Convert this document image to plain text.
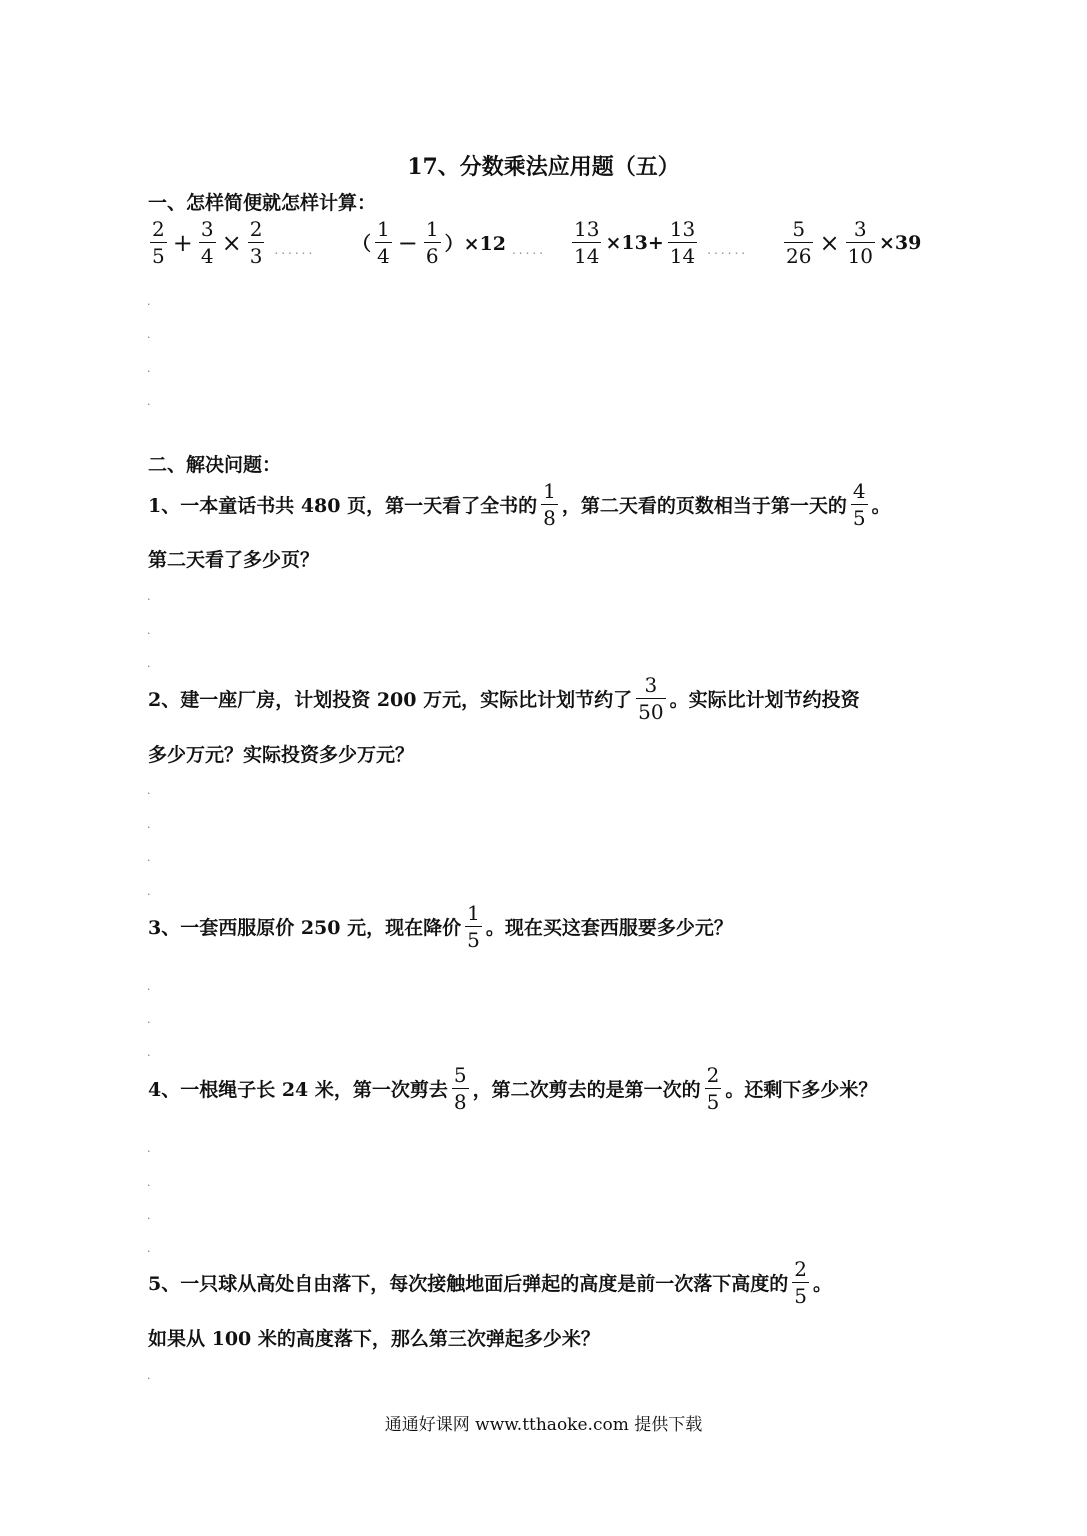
17、分数乘法应用题（五）
一、怎样简便就怎样计算：
$\frac{2}{5} + \frac{3}{4} \times \frac{2}{3}$ ...... （ $\frac{1}{4} - \frac{1}{6} )\times 12$ ..... $\frac{13}{14} \times 13+ \frac{13}{14}$ ...... $\frac{5}{26} \times \frac{3}{10} \times 39$
.
.
.
.
二、解决问题：
1、一本童话书共 480 页，第一天看了全书的 $\frac{1}{8}$ ，第二天看的页数相当于第一天的 $\frac{4}{5}$ 。
第二天看了多少页？
.
.
.
2、建一座厂房，计划投资 200 万元，实际比计划节约了 $\frac{3}{50}$ 。实际比计划节约投资
多少万元？实际投资多少万元？
.
.
.
.
3、一套西服原价 250 元，现在降价 $\frac{1}{5}$ 。现在买这套西服要多少元？
.
.
.
4、一根绳子长 24 米，第一次剪去 $\frac{5}{8}$ ，第二次剪去的是第一次的 $\frac{2}{5}$ 。还剩下多少米？
.
.
.
.
5、一只球从高处自由落下，每次接触地面后弹起的高度是前一次落下高度的 $\frac{2}{5}$ 。
如果从 100 米的高度落下，那么第三次弹起多少米？
.
通通好课网 www.tthaoke.com 提供下载
